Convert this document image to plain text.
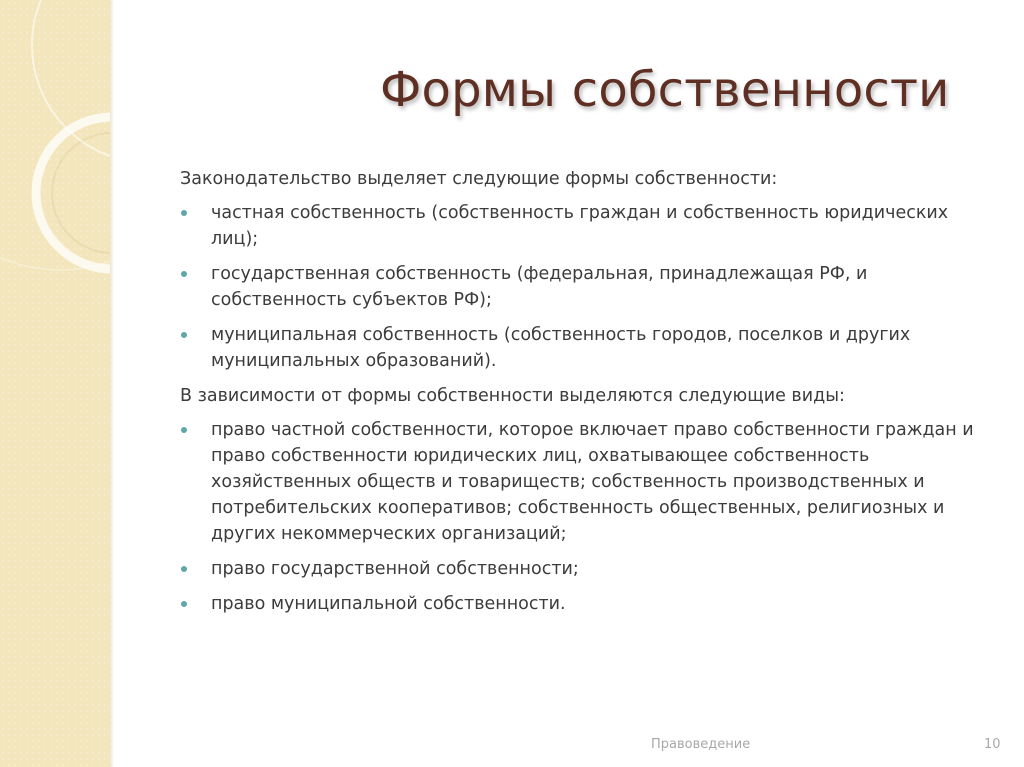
Формы собственности

Законодательство выделяет следующие формы собственности:

частная собственность (собственность граждан и собственность юридических лиц);
государственная собственность (федеральная, принадлежащая РФ, и собственность субъектов РФ);
муниципальная собственность (собственность городов, поселков и других муниципальных образований).

В зависимости от формы собственности выделяются следующие виды:

право частной собственности, которое включает право собственности граждан и право собственности юридических лиц, охватывающее собственность хозяйственных обществ и товариществ; собственность производственных и потребительских кооперативов; собственность общественных, религиозных и других некоммерческих организаций;
право государственной собственности;
право муниципальной собственности.
Правоведение	10
